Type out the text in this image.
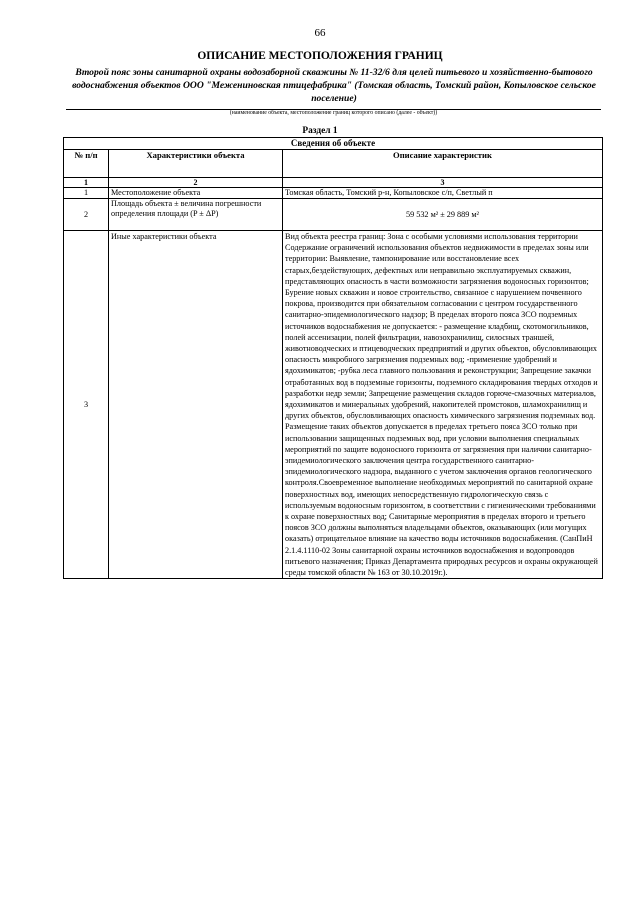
66
ОПИСАНИЕ МЕСТОПОЛОЖЕНИЯ ГРАНИЦ
Второй пояс зоны санитарной охраны водозаборной скважины № 11-32/6 для целей питьевого и хозяйственно-бытового водоснабжения объектов ООО "Межениновская птицефабрика" (Томская область, Томский район, Копыловское сельское поселение)
(наименование объекта, местоположение границ которого описано (далее - объект))
Раздел 1
Сведения об объекте		
№ п/п	Характеристики объекта	Описание характеристик
1	2	3
1	Местоположение объекта	Томская область, Томский р-н, Копыловское с/п, Светлый п
2	Площадь объекта ± величина погрешности определения площади (P ± ΔP)	59 532 м² ± 29 889 м²
3	Иные характеристики объекта	Вид объекта реестра границ: Зона с особыми условиями использования территории Содержание ограничений использования объектов недвижимости в пределах зоны или территории: Выявление, тампонирование или восстановление всех старых,бездействующих, дефектных или неправильно эксплуатируемых скважин, представляющих опасность в части возможности загрязнения водоносных горизонтов; Бурение новых скважин и новое строительство, связанное с нарушением почвенного покрова, производится при обязательном согласовании с центром государственного санитарно-эпидемиологического надзор; В пределах второго пояса ЗСО подземных источников водоснабжения не допускается: - размещение кладбищ, скотомогильников, полей ассенизации, полей фильтрации, навозохранилищ, силосных траншей, животноводческих и птицеводческих предприятий и других объектов, обусловливающих опасность микробного загрязнения подземных вод; -применение удобрений и ядохимикатов; -рубка леса главного пользования и реконструкции; Запрещение закачки отработанных вод в подземные горизонты, подземного складирования твердых отходов и разработки недр земли; Запрещение размещения складов горюче-смазочных материалов, ядохимикатов и минеральных удобрений, накопителей промстоков, шламохранилищ и других объектов, обусловливающих опасность химического загрязнения подземных вод. Размещение таких объектов допускается в пределах третьего пояса ЗСО только при использовании защищенных подземных вод, при условии выполнения специальных мероприятий по защите водоносного горизонта от загрязнения при наличии санитарно-эпидемиологического заключения центра государственного санитарно-эпидемиологического надзора, выданного с учетом заключения органов геологического контроля.Своевременное выполнение необходимых мероприятий по санитарной охране поверхностных вод, имеющих непосредственную гидрологическую связь с используемым водоносным горизонтом, в соответствии с гигиеническими требованиями к охране поверхностных вод; Санитарные мероприятия в пределах второго и третьего поясов ЗСО должны выполняться владельцами объектов, оказывающих (или могущих оказать) отрицательное влияние на качество воды источников водоснабжения. (СанПиН 2.1.4.1110-02 Зоны санитарной охраны источников водоснабжения и водопроводов питьевого назначения; Приказ Департамента природных ресурсов и охраны окружающей среды томской области № 163 от 30.10.2019г.).
